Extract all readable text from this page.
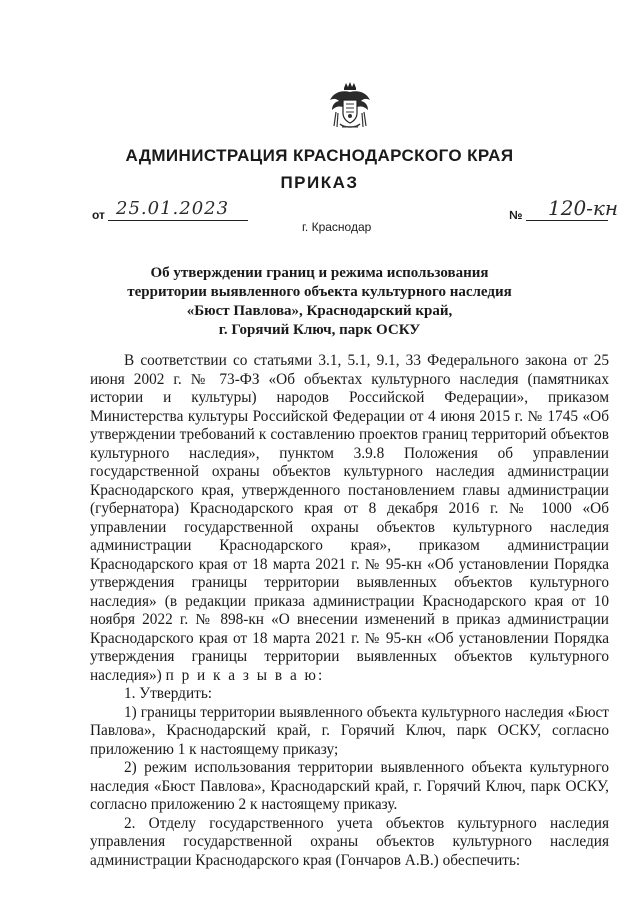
АДМИНИСТРАЦИЯ КРАСНОДАРСКОГО КРАЯ
ПРИКАЗ
от 25.01.2023
г. Краснодар
№ 120-кн
Об утверждении границ и режима использования
территории выявленного объекта культурного наследия
«Бюст Павлова», Краснодарский край,
г. Горячий Ключ, парк ОСКУ

В соответствии со статьями 3.1, 5.1, 9.1, 33 Федерального закона от 25 июня 2002 г. № 73-ФЗ «Об объектах культурного наследия (памятниках истории и культуры) народов Российской Федерации», приказом Министерства культуры Российской Федерации от 4 июня 2015 г. № 1745 «Об утверждении требований к составлению проектов границ территорий объектов культурного наследия», пунктом 3.9.8 Положения об управлении государственной охраны объектов культурного наследия администрации Краснодарского края, утвержденного постановлением главы администрации (губернатора) Краснодарского края от 8 декабря 2016 г. № 1000 «Об управлении государственной охраны объектов культурного наследия администрации Краснодарского края», приказом администрации Краснодарского края от 18 марта 2021 г. № 95-кн «Об установлении Порядка утверждения границы территории выявленных объектов культурного наследия» (в редакции приказа администрации Краснодарского края от 10 ноября 2022 г. № 898-кн «О внесении изменений в приказ администрации Краснодарского края от 18 марта 2021 г. № 95-кн «Об установлении Порядка утверждения границы территории выявленных объектов культурного наследия») п р и к а з ы в а ю:

1. Утвердить:

1) границы территории выявленного объекта культурного наследия «Бюст Павлова», Краснодарский край, г. Горячий Ключ, парк ОСКУ, согласно приложению 1 к настоящему приказу;

2) режим использования территории выявленного объекта культурного наследия «Бюст Павлова», Краснодарский край, г. Горячий Ключ, парк ОСКУ, согласно приложению 2 к настоящему приказу.

2. Отделу государственного учета объектов культурного наследия управления государственной охраны объектов культурного наследия администрации Краснодарского края (Гончаров А.В.) обеспечить:
